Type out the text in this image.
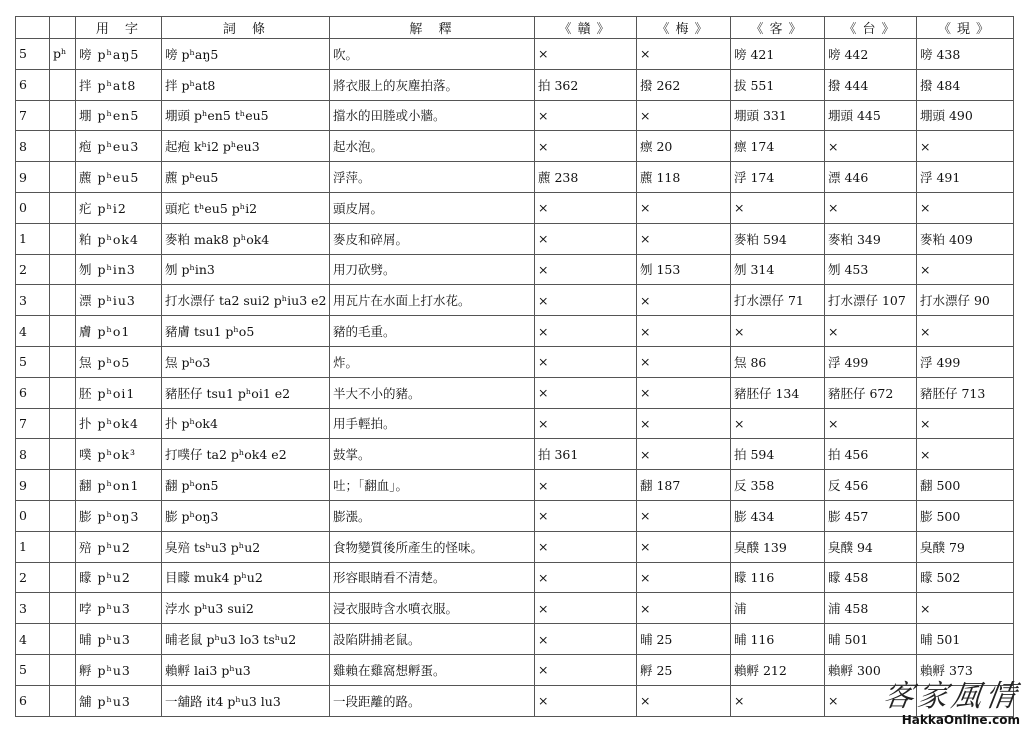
		用 字	詞 條	解 釋	《贛》	《梅》	《客》	《台》	《現》
5	pʰ	嗙 pʰaŋ5	嗙 pʰaŋ5	吹。	×	×	嗙 421	嗙 442	嗙 438
6		拌 pʰat8	拌 pʰat8	將衣服上的灰塵拍落。	拍 362	撥 262	拔 551	撥 444	撥 484
7		堋 pʰen5	堋頭 pʰen5 tʰeu5	擋水的田塍或小牆。	×	×	堋頭 331	堋頭 445	堋頭 490
8		疱 pʰeu3	起疱 kʰi2 pʰeu3	起水泡。	×	瘭 20	瘭 174	×	×
9		藨 pʰeu5	藨 pʰeu5	浮萍。	藨 238	藨 118	浮 174	漂 446	浮 491
0		疕 pʰi2	頭疕 tʰeu5 pʰi2	頭皮屑。	×	×	×	×	×
1		粕 pʰok4	麥粕 mak8 pʰok4	麥皮和碎屑。	×	×	麥粕 594	麥粕 349	麥粕 409
2		刎 pʰin3	刎 pʰin3	用刀砍劈。	×	刎 153	刎 314	刎 453	×
3		漂 pʰiu3	打水漂仔 ta2 sui2 pʰiu3 e2	用瓦片在水面上打水花。	×	×	打水漂仔 71	打水漂仔 107	打水漂仔 90
4		膚 pʰo1	豬膚 tsu1 pʰo5	豬的毛重。	×	×	×	×	×
5		炰 pʰo5	炰 pʰo3	炸。	×	×	炰 86	浮 499	浮 499
6		胚 pʰoi1	豬胚仔 tsu1 pʰoi1 e2	半大不小的豬。	×	×	豬胚仔 134	豬胚仔 672	豬胚仔 713
7		扑 pʰok4	扑 pʰok4	用手輕拍。	×	×	×	×	×
8		噗 pʰok³	打噗仔 ta2 pʰok4 e2	鼓掌。	拍 361	×	拍 594	拍 456	×
9		翻 pʰon1	翻 pʰon5	吐；「翻血」。	×	翻 187	反 358	反 456	翻 500
0		膨 pʰoŋ3	膨 pʰoŋ3	膨漲。	×	×	膨 434	膨 457	膨 500
1		殕 pʰu2	臭殕 tsʰu3 pʰu2	食物變質後所產生的怪味。	×	×	臭醭 139	臭醭 94	臭醭 79
2		矇 pʰu2	目矇 muk4 pʰu2	形容眼睛看不清楚。	×	×	矇 116	矇 458	矇 502
3		哱 pʰu3	浡水 pʰu3 sui2	浸衣服時含水噴衣服。	×	×	浦	浦 458	×
4		晡 pʰu3	晡老鼠 pʰu3 lo3 tsʰu2	設陷阱捕老鼠。	×	晡 25	晡 116	晡 501	晡 501
5		孵 pʰu3	賴孵 lai3 pʰu3	雞賴在雞窩想孵蛋。	×	孵 25	賴孵 212	賴孵 300	賴孵 373
6		舖 pʰu3	一舖路 it4 pʰu3 lu3	一段距離的路。	×	×	×	×	客家風情
HakkaOnline.com
